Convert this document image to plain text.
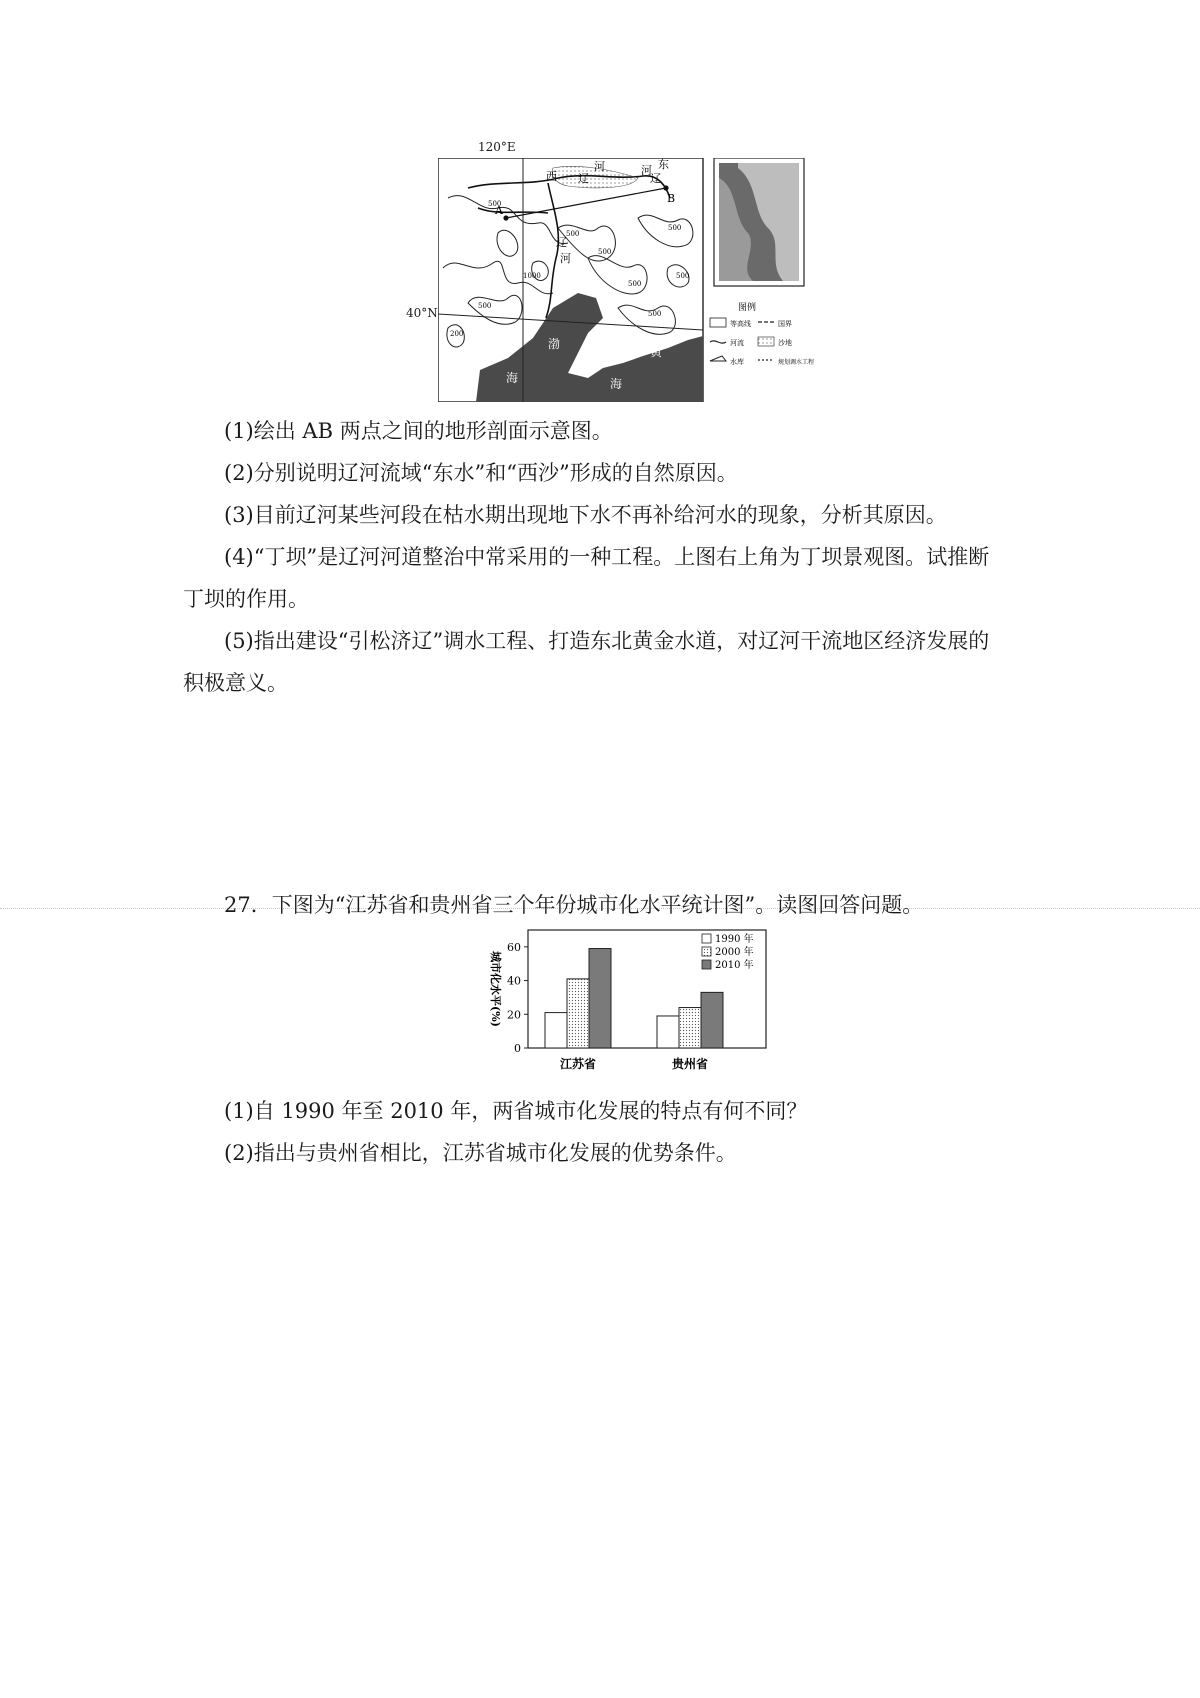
A
B
西 辽
河	东
辽
河
辽
河
渤
海
黄
海
500
500
500
1000
500
500
500
500
500
200
图例
等高线	国界
河流	沙地
水库	规划调水工程
120°E
40°N
(1)绘出 AB 两点之间的地形剖面示意图。
(2)分别说明辽河流域“东水”和“西沙”形成的自然原因。
(3)目前辽河某些河段在枯水期出现地下水不再补给河水的现象，分析其原因。
(4)“丁坝”是辽河河道整治中常采用的一种工程。上图右上角为丁坝景观图。试推断
丁坝的作用。
(5)指出建设“引松济辽”调水工程、打造东北黄金水道，对辽河干流地区经济发展的
积极意义。
27．下图为“江苏省和贵州省三个年份城市化水平统计图”。读图回答问题。
0
20
40
60
城市化水平(%)
江苏省	贵州省
1990 年
2000 年
2010 年
(1)自 1990 年至 2010 年，两省城市化发展的特点有何不同？
(2)指出与贵州省相比，江苏省城市化发展的优势条件。
